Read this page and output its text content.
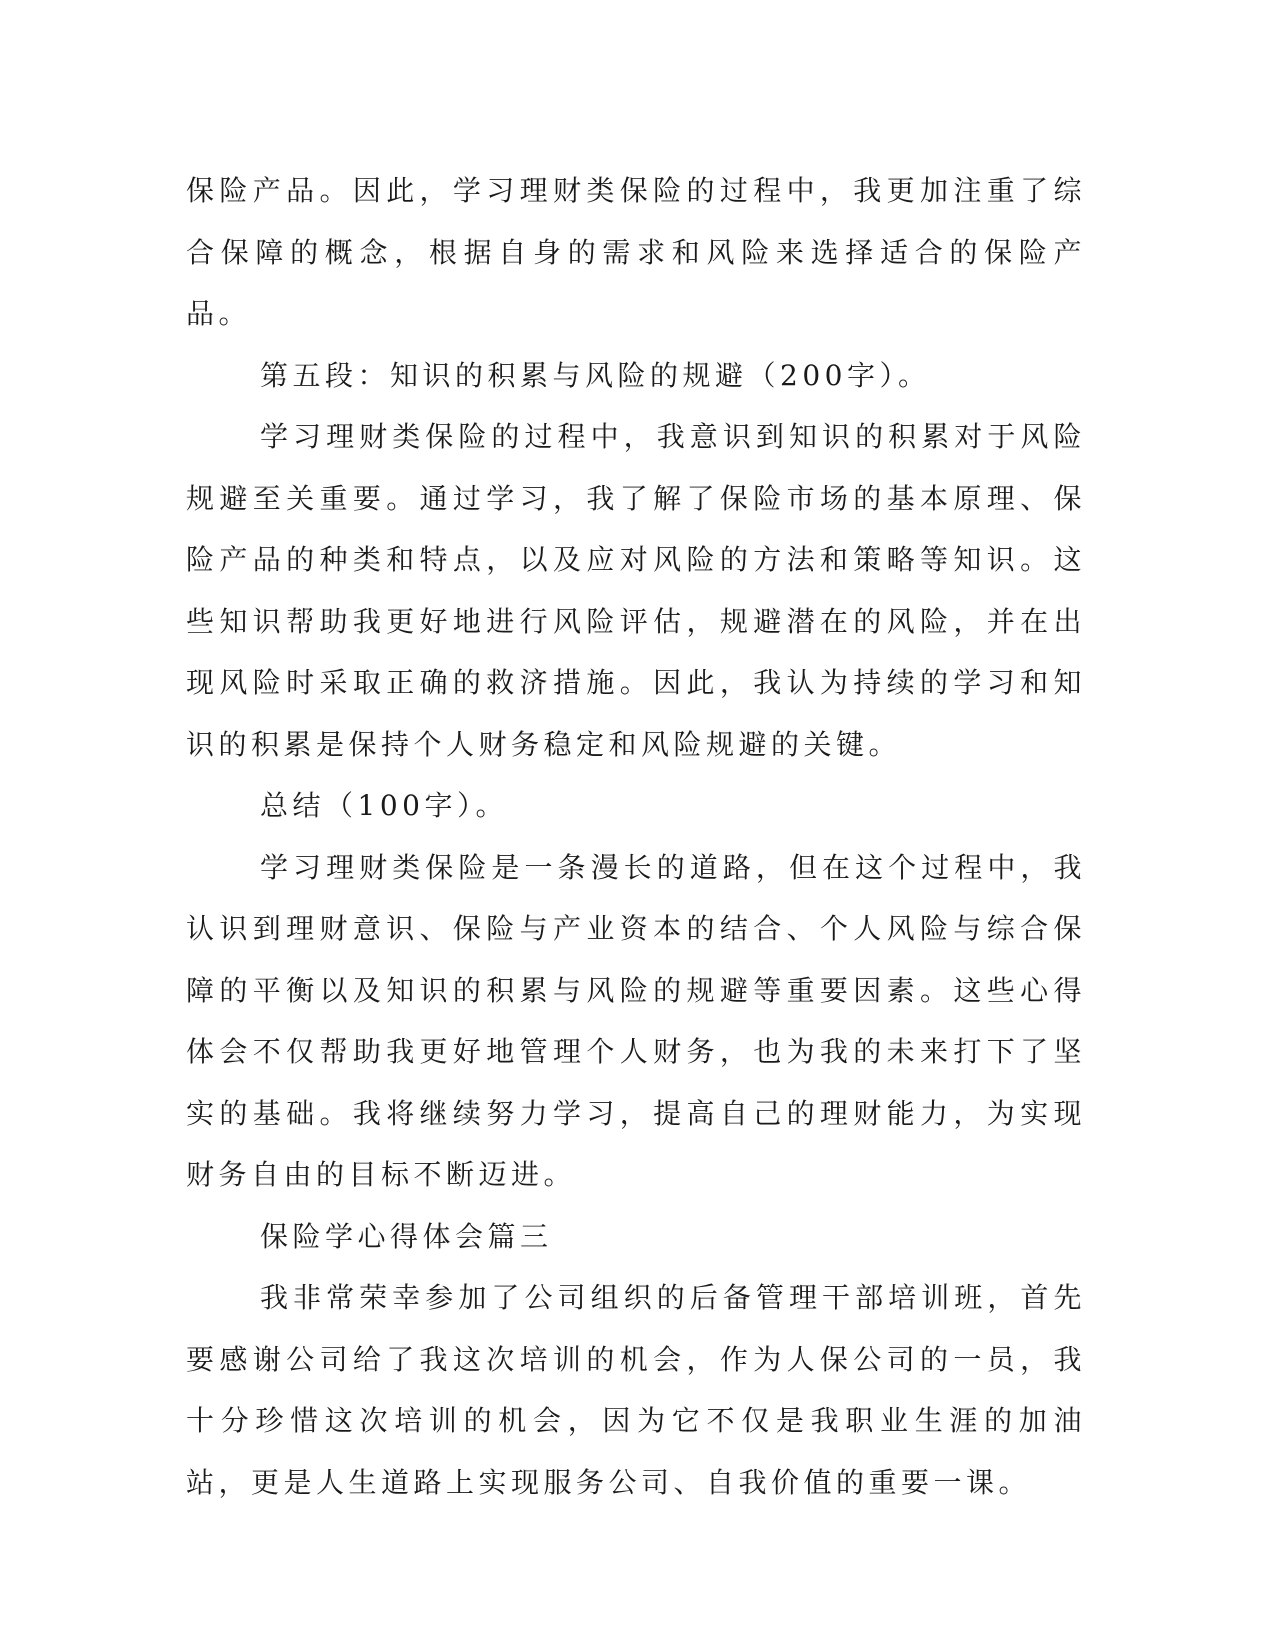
保险产品。因此，学习理财类保险的过程中，我更加注重了综合保障的概念，根据自身的需求和风险来选择适合的保险产品。

第五段：知识的积累与风险的规避（200字）。

学习理财类保险的过程中，我意识到知识的积累对于风险规避至关重要。通过学习，我了解了保险市场的基本原理、保险产品的种类和特点，以及应对风险的方法和策略等知识。这些知识帮助我更好地进行风险评估，规避潜在的风险，并在出现风险时采取正确的救济措施。因此，我认为持续的学习和知识的积累是保持个人财务稳定和风险规避的关键。

总结（100字）。

学习理财类保险是一条漫长的道路，但在这个过程中，我认识到理财意识、保险与产业资本的结合、个人风险与综合保障的平衡以及知识的积累与风险的规避等重要因素。这些心得体会不仅帮助我更好地管理个人财务，也为我的未来打下了坚实的基础。我将继续努力学习，提高自己的理财能力，为实现财务自由的目标不断迈进。

保险学心得体会篇三

我非常荣幸参加了公司组织的后备管理干部培训班，首先要感谢公司给了我这次培训的机会，作为人保公司的一员，我十分珍惜这次培训的机会，因为它不仅是我职业生涯的加油站，更是人生道路上实现服务公司、自我价值的重要一课。
